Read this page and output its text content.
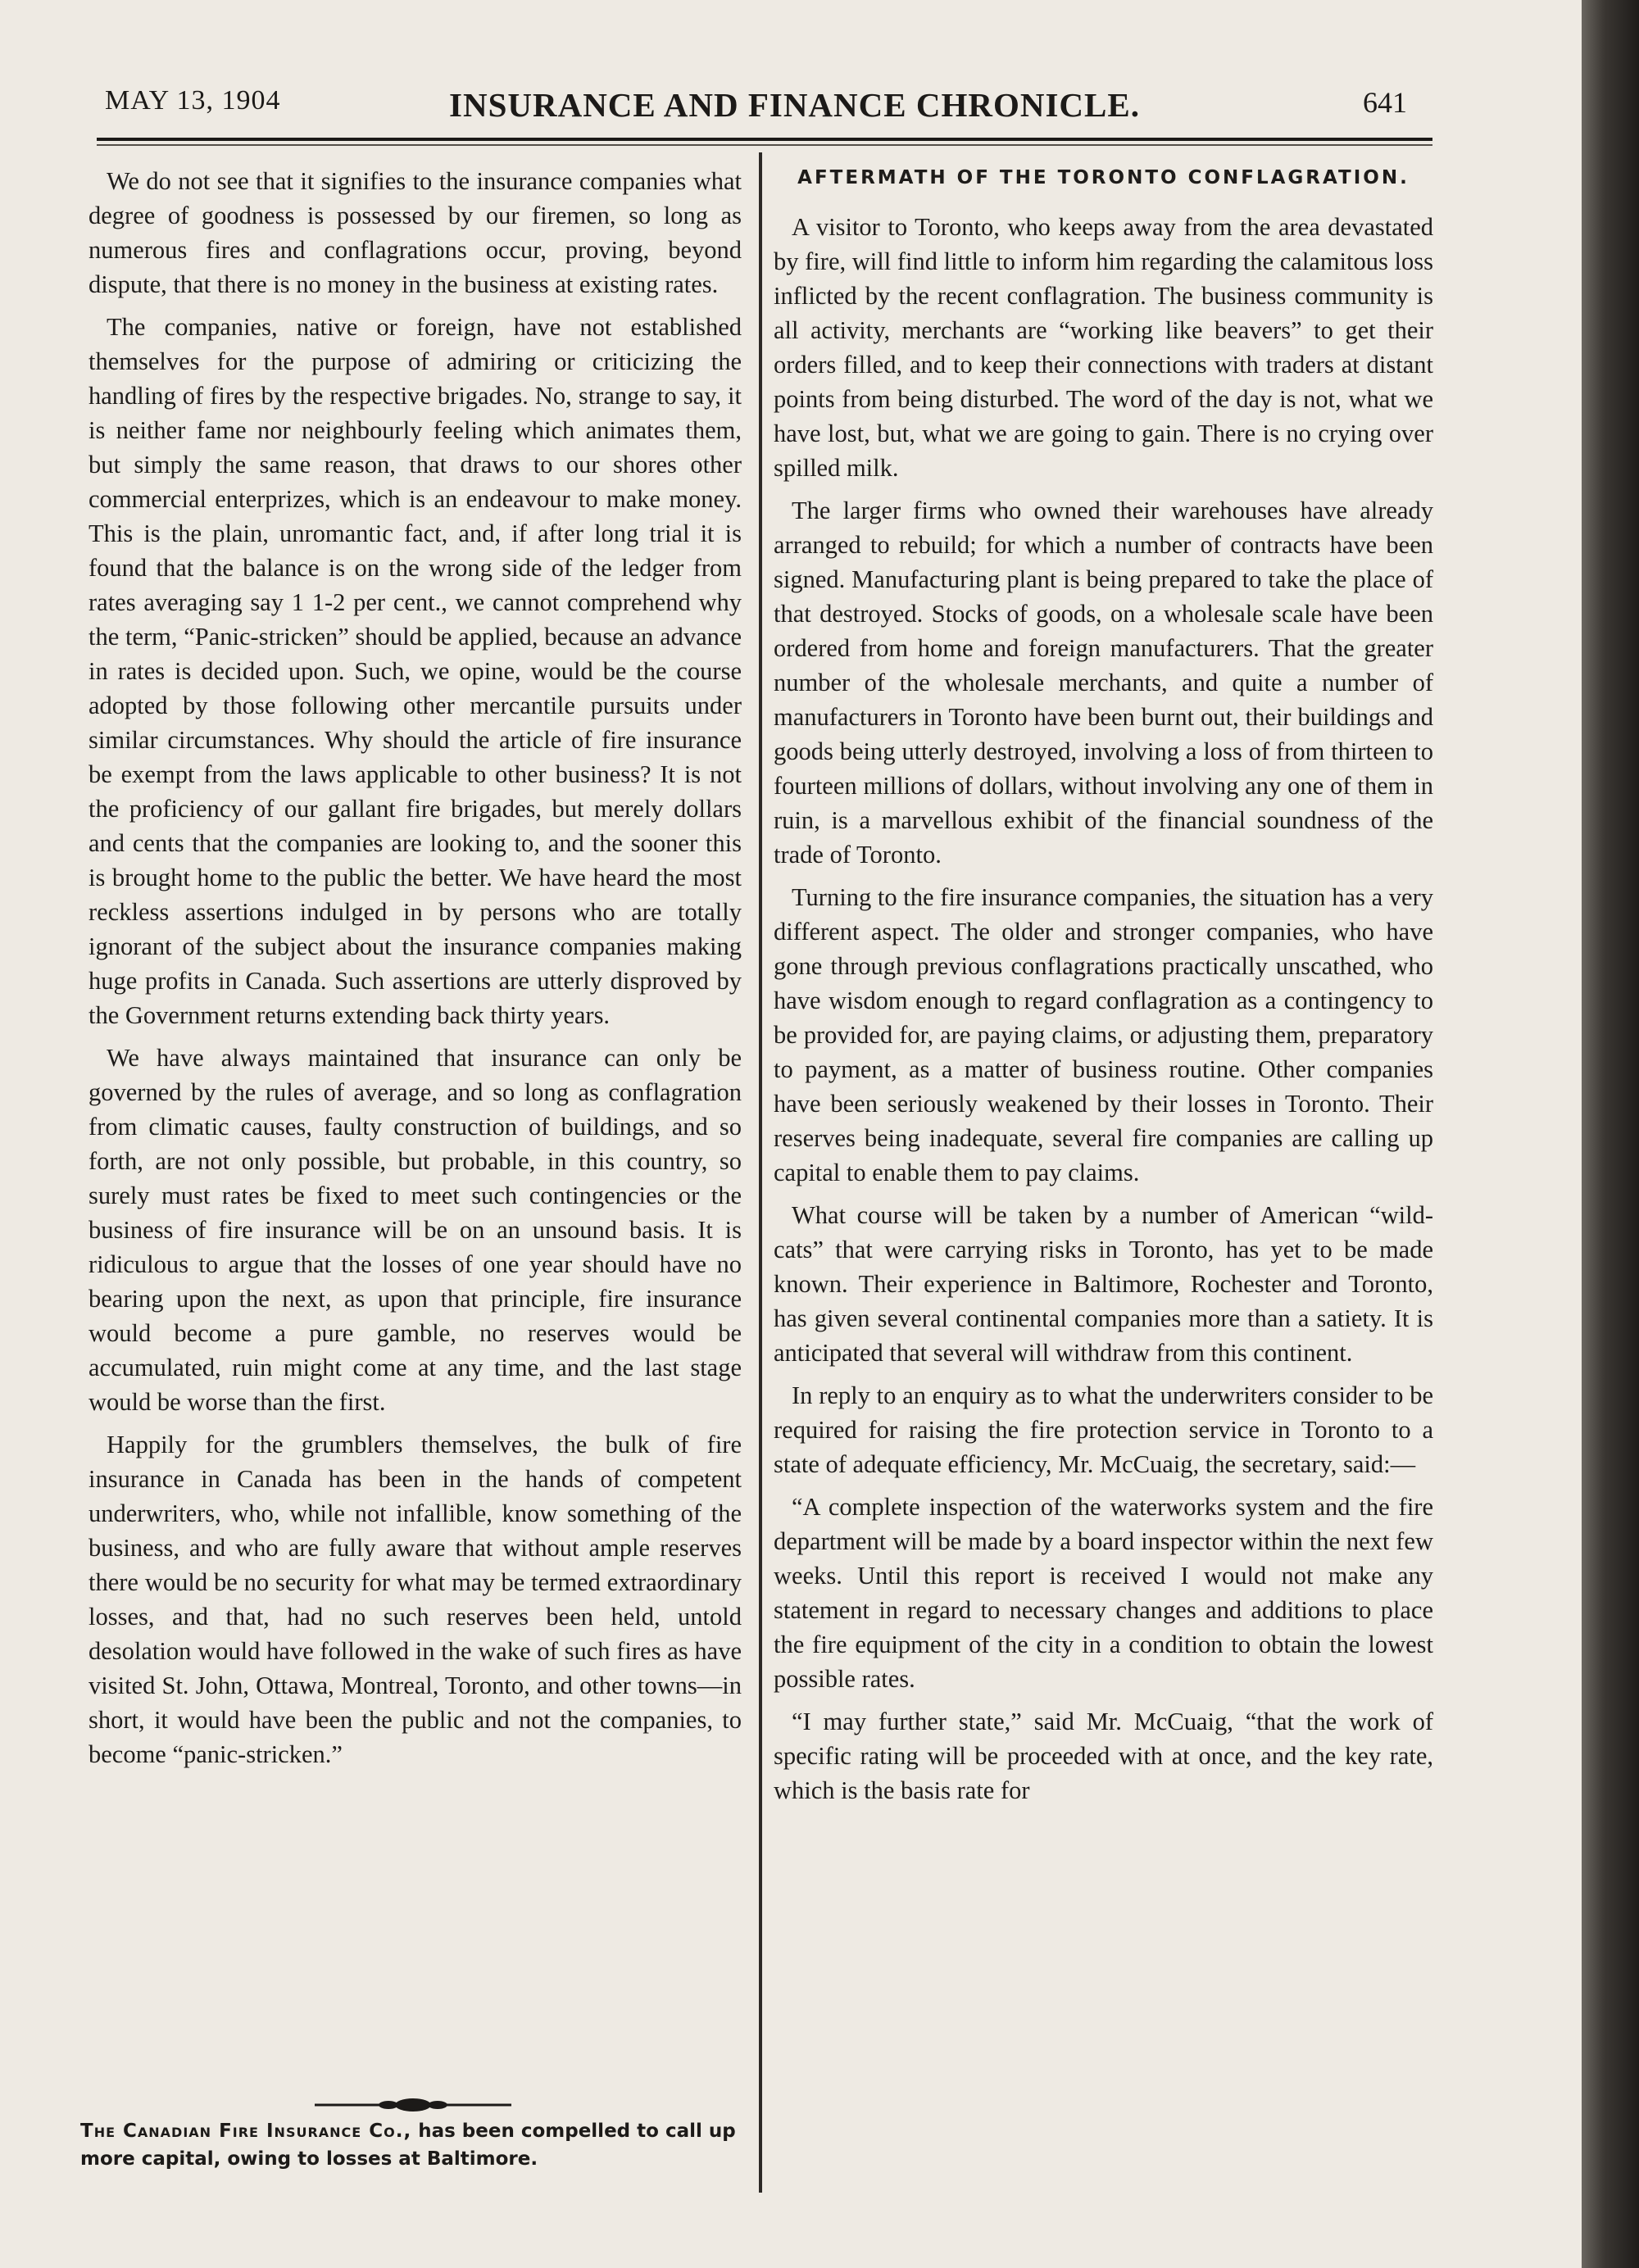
MAY 13, 1904	INSURANCE AND FINANCE CHRONICLE.	641

We do not see that it signifies to the insurance companies what degree of goodness is possessed by our firemen, so long as numerous fires and conflagrations occur, proving, beyond dispute, that there is no money in the business at existing rates.

The companies, native or foreign, have not established themselves for the purpose of admiring or criticizing the handling of fires by the respective brigades. No, strange to say, it is neither fame nor neighbourly feeling which animates them, but simply the same reason, that draws to our shores other commercial enterprizes, which is an endeavour to make money. This is the plain, unromantic fact, and, if after long trial it is found that the balance is on the wrong side of the ledger from rates averaging say 1 1-2 per cent., we cannot comprehend why the term, “Panic-stricken” should be applied, because an advance in rates is decided upon. Such, we opine, would be the course adopted by those following other mercantile pursuits under similar circumstances. Why should the article of fire insurance be exempt from the laws applicable to other business? It is not the proficiency of our gallant fire brigades, but merely dollars and cents that the companies are looking to, and the sooner this is brought home to the public the better. We have heard the most reckless assertions indulged in by persons who are totally ignorant of the subject about the insurance companies making huge profits in Canada. Such assertions are utterly disproved by the Government returns extending back thirty years.

We have always maintained that insurance can only be governed by the rules of average, and so long as conflagration from climatic causes, faulty construction of buildings, and so forth, are not only possible, but probable, in this country, so surely must rates be fixed to meet such contingencies or the business of fire insurance will be on an unsound basis. It is ridiculous to argue that the losses of one year should have no bearing upon the next, as upon that principle, fire insurance would become a pure gamble, no reserves would be accumulated, ruin might come at any time, and the last stage would be worse than the first.

Happily for the grumblers themselves, the bulk of fire insurance in Canada has been in the hands of competent underwriters, who, while not infallible, know something of the business, and who are fully aware that without ample reserves there would be no security for what may be termed extraordinary losses, and that, had no such reserves been held, untold desolation would have followed in the wake of such fires as have visited St. John, Ottawa, Montreal, Toronto, and other towns—in short, it would have been the public and not the companies, to become “panic-stricken.”

The Canadian Fire Insurance Co., has been compelled to call up more capital, owing to losses at Baltimore.
AFTERMATH OF THE TORONTO CONFLAGRATION.

A visitor to Toronto, who keeps away from the area devastated by fire, will find little to inform him regarding the calamitous loss inflicted by the recent conflagration. The business community is all activity, merchants are “working like beavers” to get their orders filled, and to keep their connections with traders at distant points from being disturbed. The word of the day is not, what we have lost, but, what we are going to gain. There is no crying over spilled milk.

The larger firms who owned their warehouses have already arranged to rebuild; for which a number of contracts have been signed. Manufacturing plant is being prepared to take the place of that destroyed. Stocks of goods, on a wholesale scale have been ordered from home and foreign manufacturers. That the greater number of the wholesale merchants, and quite a number of manufacturers in Toronto have been burnt out, their buildings and goods being utterly destroyed, involving a loss of from thirteen to fourteen millions of dollars, without involving any one of them in ruin, is a marvellous exhibit of the financial soundness of the trade of Toronto.

Turning to the fire insurance companies, the situation has a very different aspect. The older and stronger companies, who have gone through previous conflagrations practically unscathed, who have wisdom enough to regard conflagration as a contingency to be provided for, are paying claims, or adjusting them, preparatory to payment, as a matter of business routine. Other companies have been seriously weakened by their losses in Toronto. Their reserves being inadequate, several fire companies are calling up capital to enable them to pay claims.

What course will be taken by a number of American “wild-cats” that were carrying risks in Toronto, has yet to be made known. Their experience in Baltimore, Rochester and Toronto, has given several continental companies more than a satiety. It is anticipated that several will withdraw from this continent.

In reply to an enquiry as to what the underwriters consider to be required for raising the fire protection service in Toronto to a state of adequate efficiency, Mr. McCuaig, the secretary, said:—

“A complete inspection of the waterworks system and the fire department will be made by a board inspector within the next few weeks. Until this report is received I would not make any statement in regard to necessary changes and additions to place the fire equipment of the city in a condition to obtain the lowest possible rates.

“I may further state,” said Mr. McCuaig, “that the work of specific rating will be proceeded with at once, and the key rate, which is the basis rate for
